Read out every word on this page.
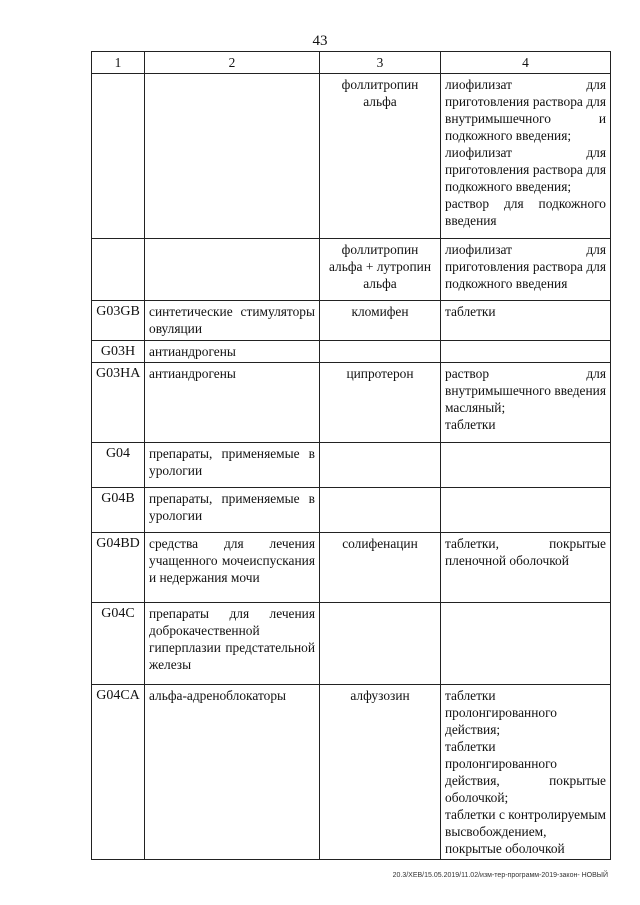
43
1	2	3	4
		фоллитропин альфа	лиофилизат для приготовления раствора для внутримышечного и подкожного введения;
лиофилизат для приготовления раствора для подкожного введения;
раствор для подкожного введения

		фоллитропин альфа + лутропин альфа	лиофилизат для приготовления раствора для подкожного введения

G03GB	синтетические стимуляторы овуляции	кломифен	таблетки

G03H	антиандрогены		
G03HA	антиандрогены	ципротерон	раствор для внутримышечного введения масляный;
таблетки

G04	препараты, применяемые в урологии		
G04B	препараты, применяемые в урологии		
G04BD	средства для лечения учащенного мочеиспускания и недержания мочи	солифенацин	таблетки, покрытые пленочной оболочкой

G04C	препараты для лечения доброкачественной гиперплазии предстательной железы		
G04CA	альфа-адреноблокаторы	алфузозин	таблетки пролонгированного действия;
таблетки пролонгированного действия, покрытые оболочкой;
таблетки с контролируемым высвобождением, покрытые оболочкой
20.3/ХЕВ/15.05.2019/11.02/изм-тер-программ-2019-закон- НОВЫЙ
